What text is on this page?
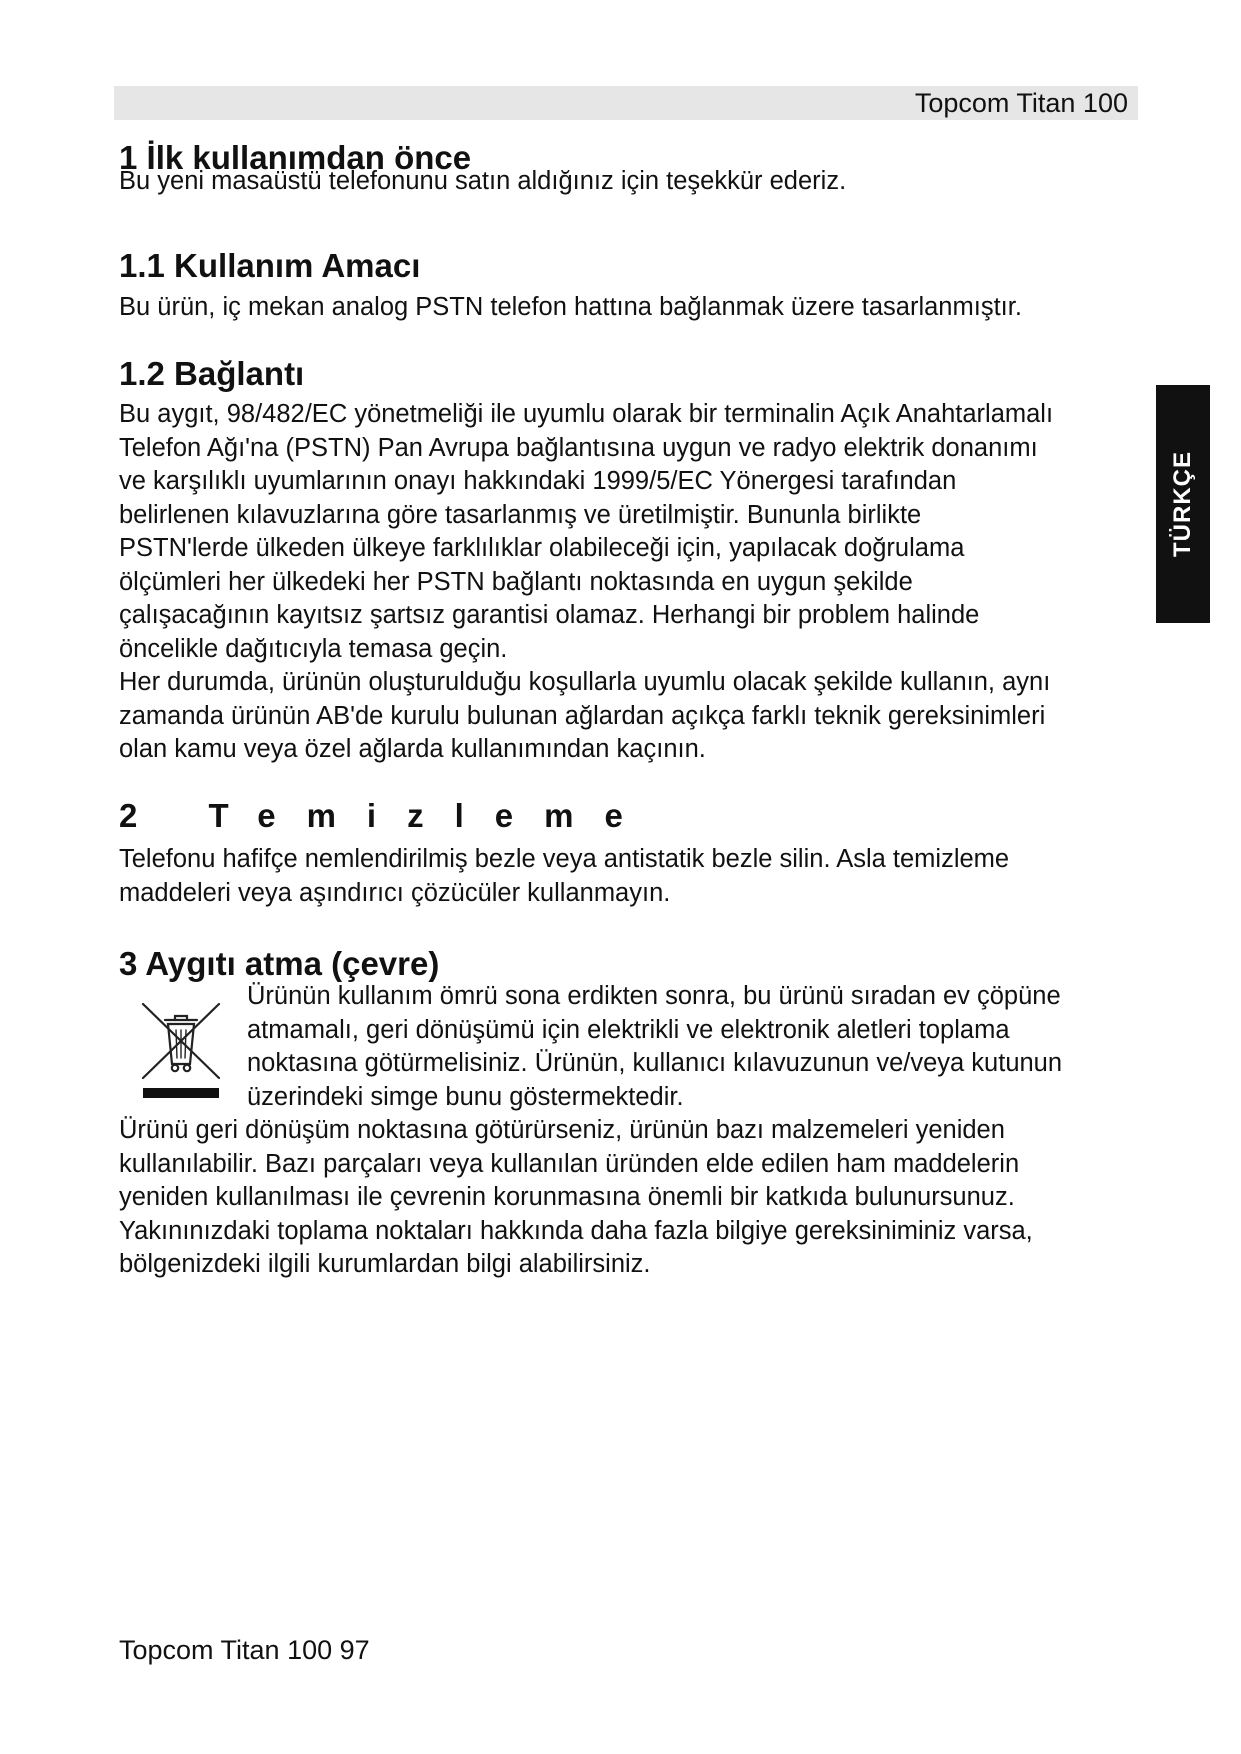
Topcom Titan 100
TÜRKÇE
1 İlk kullanımdan önce
Bu yeni masaüstü telefonunu satın aldığınız için teşekkür ederiz.
1.1 Kullanım Amacı
Bu ürün, iç mekan analog PSTN telefon hattına bağlanmak üzere tasarlanmıştır.
1.2 Bağlantı
Bu aygıt, 98/482/EC yönetmeliği ile uyumlu olarak bir terminalin Açık Anahtarlamalı
Telefon Ağı'na (PSTN) Pan Avrupa bağlantısına uygun ve radyo elektrik donanımı
ve karşılıklı uyumlarının onayı hakkındaki 1999/5/EC Yönergesi tarafından
belirlenen kılavuzlarına göre tasarlanmış ve üretilmiştir. Bununla birlikte
PSTN'lerde ülkeden ülkeye farklılıklar olabileceği için, yapılacak doğrulama
ölçümleri her ülkedeki her PSTN bağlantı noktasında en uygun şekilde
çalışacağının kayıtsız şartsız garantisi olamaz. Herhangi bir problem halinde
öncelikle dağıtıcıyla temasa geçin.
Her durumda, ürünün oluşturulduğu koşullarla uyumlu olacak şekilde kullanın, aynı
zamanda ürünün AB'de kurulu bulunan ağlardan açıkça farklı teknik gereksinimleri
olan kamu veya özel ağlarda kullanımından kaçının.
2 Temizleme
Telefonu hafifçe nemlendirilmiş bezle veya antistatik bezle silin. Asla temizleme
maddeleri veya aşındırıcı çözücüler kullanmayın.
3 Aygıtı atma (çevre)
Ürünün kullanım ömrü sona erdikten sonra, bu ürünü sıradan ev çöpüne
atmamalı, geri dönüşümü için elektrikli ve elektronik aletleri toplama
noktasına götürmelisiniz. Ürünün, kullanıcı kılavuzunun ve/veya kutunun
üzerindeki simge bunu göstermektedir.
Ürünü geri dönüşüm noktasına götürürseniz, ürünün bazı malzemeleri yeniden
kullanılabilir. Bazı parçaları veya kullanılan üründen elde edilen ham maddelerin
yeniden kullanılması ile çevrenin korunmasına önemli bir katkıda bulunursunuz.
Yakınınızdaki toplama noktaları hakkında daha fazla bilgiye gereksiniminiz varsa,
bölgenizdeki ilgili kurumlardan bilgi alabilirsiniz.
Topcom Titan 100 97
